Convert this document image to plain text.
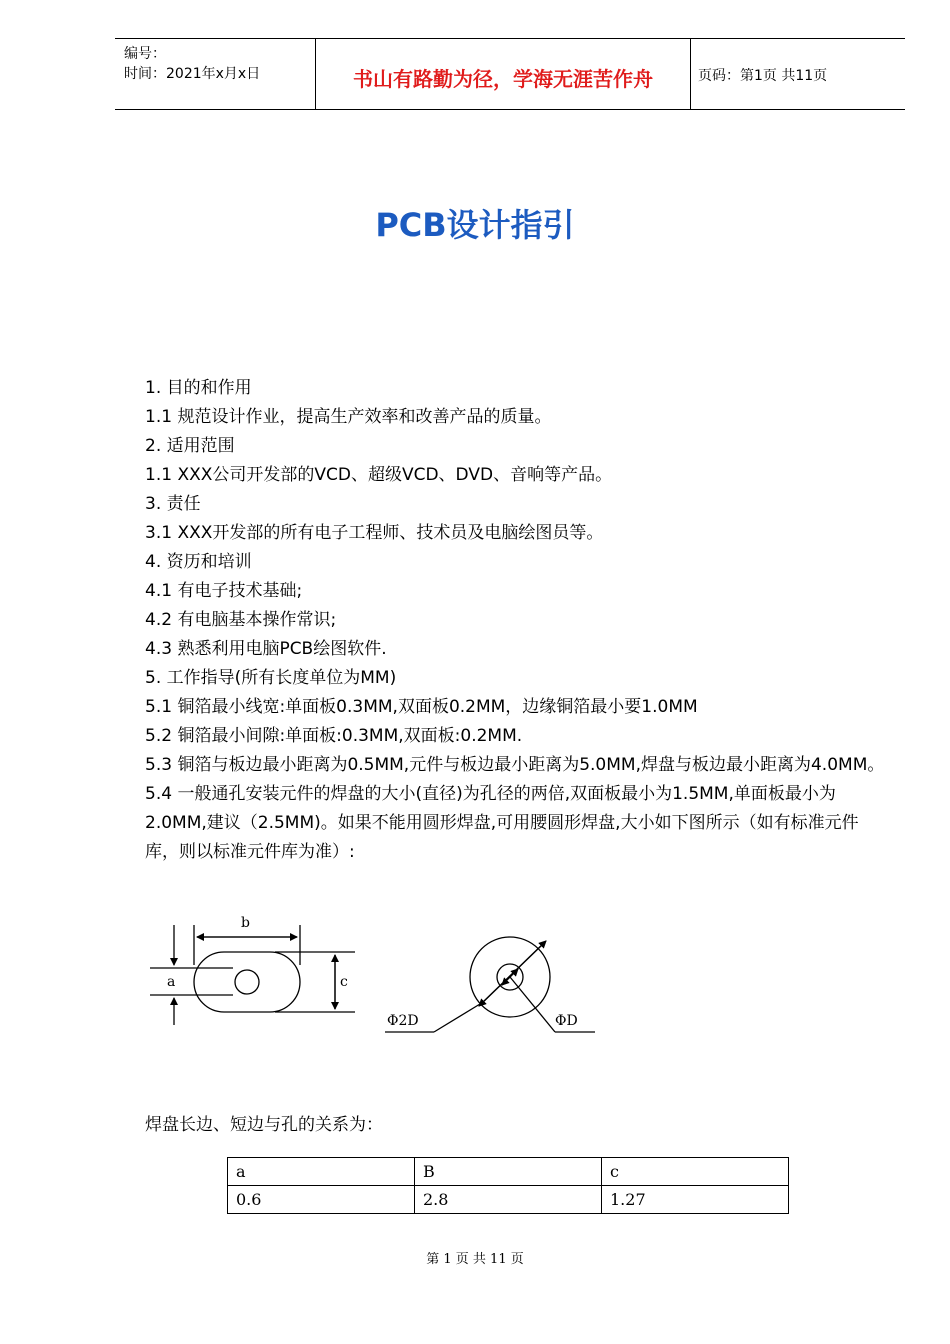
编号：
时间：2021年x月x日	书山有路勤为径，学海无涯苦作舟	页码：第1页 共11页
PCB设计指引

1. 目的和作用

1.1 规范设计作业，提高生产效率和改善产品的质量。

2. 适用范围

1.1 XXX公司开发部的VCD、超级VCD、DVD、音响等产品。

3. 责任

3.1 XXX开发部的所有电子工程师、技术员及电脑绘图员等。

4. 资历和培训

4.1 有电子技术基础;

4.2 有电脑基本操作常识;

4.3 熟悉利用电脑PCB绘图软件.

5. 工作指导(所有长度单位为MM)

5.1 铜箔最小线宽:单面板0.3MM,双面板0.2MM，边缘铜箔最小要1.0MM

5.2 铜箔最小间隙:单面板:0.3MM,双面板:0.2MM.

5.3 铜箔与板边最小距离为0.5MM,元件与板边最小距离为5.0MM,焊盘与板边最小距离为4.0MM。

5.4 一般通孔安装元件的焊盘的大小(直径)为孔径的两倍,双面板最小为1.5MM,单面板最小为2.0MM,建议（2.5MM)。如果不能用圆形焊盘,可用腰圆形焊盘,大小如下图所示（如有标准元件库，则以标准元件库为准）:

a
b
c
Φ2D	ΦD
焊盘长边、短边与孔的关系为：
a	B	c
0.6	2.8	1.27
第 1 页 共 11 页
